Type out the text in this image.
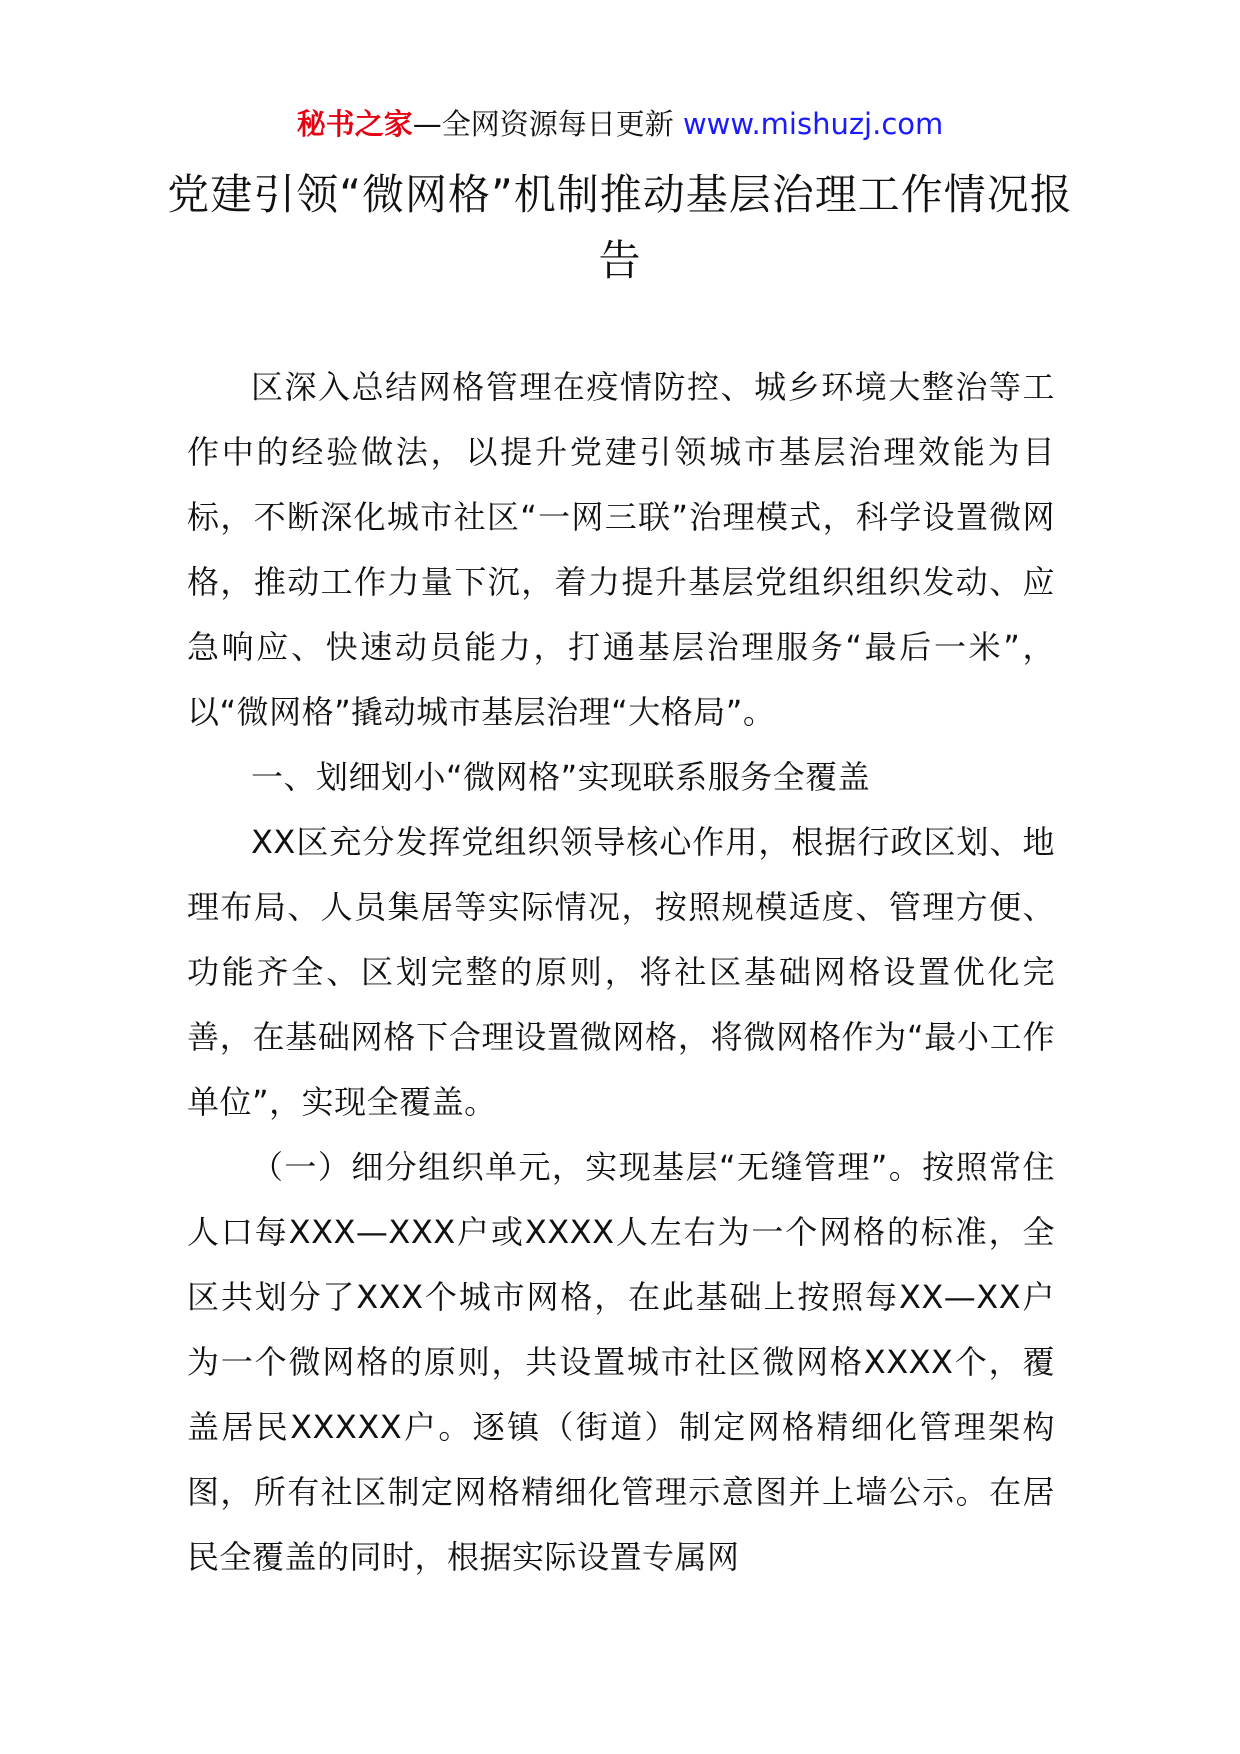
秘书之家—全网资源每日更新 www.mishuzj.com
党建引领“微网格”机制推动基层治理工作情况报告

区深入总结网格管理在疫情防控、城乡环境大整治等工作中的经验做法，以提升党建引领城市基层治理效能为目标，不断深化城市社区“一网三联”治理模式，科学设置微网格，推动工作力量下沉，着力提升基层党组织组织发动、应急响应、快速动员能力，打通基层治理服务“最后一米”，以“微网格”撬动城市基层治理“大格局”。

一、划细划小“微网格”实现联系服务全覆盖

XX区充分发挥党组织领导核心作用，根据行政区划、地理布局、人员集居等实际情况，按照规模适度、管理方便、功能齐全、区划完整的原则，将社区基础网格设置优化完善，在基础网格下合理设置微网格，将微网格作为“最小工作单位”，实现全覆盖。

（一）细分组织单元，实现基层“无缝管理”。按照常住人口每XXX—XXX户或XXXX人左右为一个网格的标准，全区共划分了XXX个城市网格，在此基础上按照每XX—XX户为一个微网格的原则，共设置城市社区微网格XXXX个，覆盖居民XXXXX户。逐镇（街道）制定网格精细化管理架构图，所有社区制定网格精细化管理示意图并上墙公示。在居民全覆盖的同时，根据实际设置专属网
